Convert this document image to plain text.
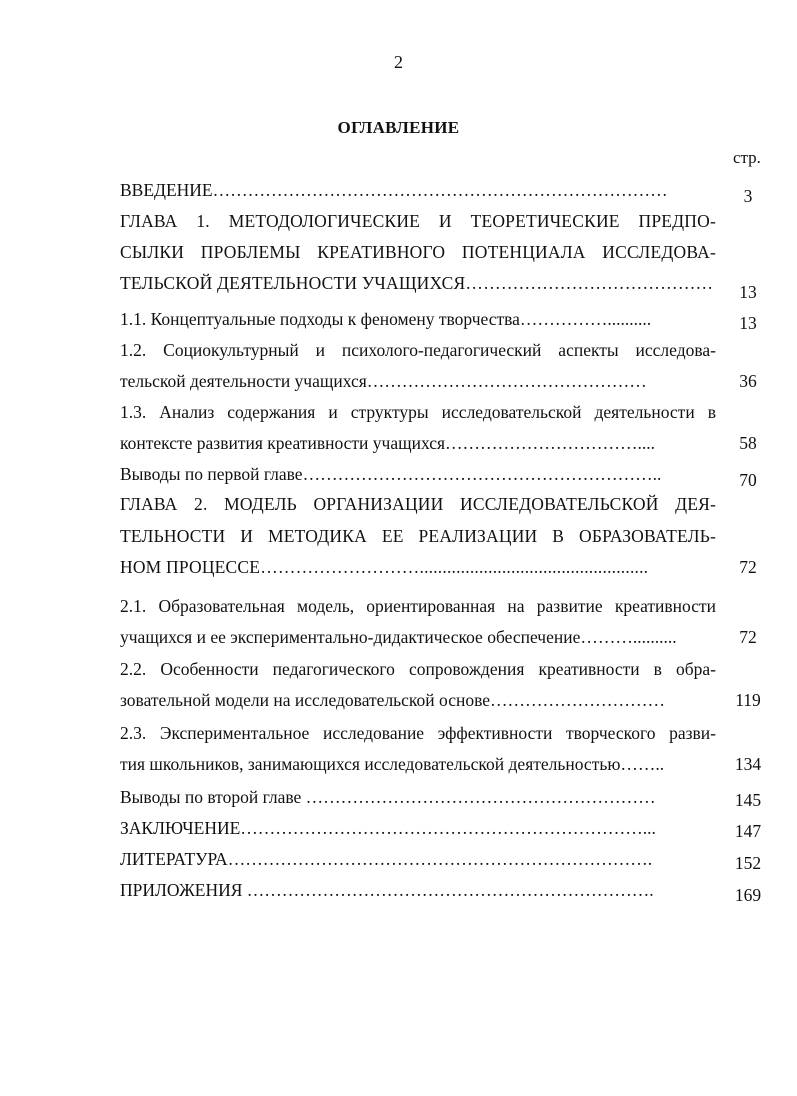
2
ОГЛАВЛЕНИЕ
стр.
ВВЕДЕНИЕ……………………………………………………………………	3
ГЛАВА 1. МЕТОДОЛОГИЧЕСКИЕ И ТЕОРЕТИЧЕСКИЕ ПРЕДПО-
СЫЛКИ ПРОБЛЕМЫ КРЕАТИВНОГО ПОТЕНЦИАЛА ИССЛЕДОВА-
ТЕЛЬСКОЙ ДЕЯТЕЛЬНОСТИ УЧАЩИХСЯ……………………………………	13
1.1. Концептуальные подходы к феномену творчества……………..........	13
1.2. Социокультурный и психолого-педагогический аспекты исследова-
тельской деятельности учащихся…………………………………………	36
1.3. Анализ содержания и структуры исследовательской деятельности в
контексте развития креативности учащихся……………………………....	58
Выводы по первой главе……………………………………………………..	70
ГЛАВА 2. МОДЕЛЬ ОРГАНИЗАЦИИ ИССЛЕДОВАТЕЛЬСКОЙ ДЕЯ-
ТЕЛЬНОСТИ И МЕТОДИКА ЕЕ РЕАЛИЗАЦИИ В ОБРАЗОВАТЕЛЬ-
НОМ ПРОЦЕССЕ………………………..................................................	72
2.1. Образовательная модель, ориентированная на развитие креативности
учащихся и ее экспериментально-дидактическое обеспечение………..........	72
2.2. Особенности педагогического сопровождения креативности в обра-
зовательной модели на исследовательской основе…………………………	119
2.3. Экспериментальное исследование эффективности творческого разви-
тия школьников, занимающихся исследовательской деятельностью……..	134
Выводы по второй главе ……………………………………………………	145
ЗАКЛЮЧЕНИЕ……………………………………………………………...	147
ЛИТЕРАТУРА……………………………………………………………….	152
ПРИЛОЖЕНИЯ …………………………………………………………….	169
